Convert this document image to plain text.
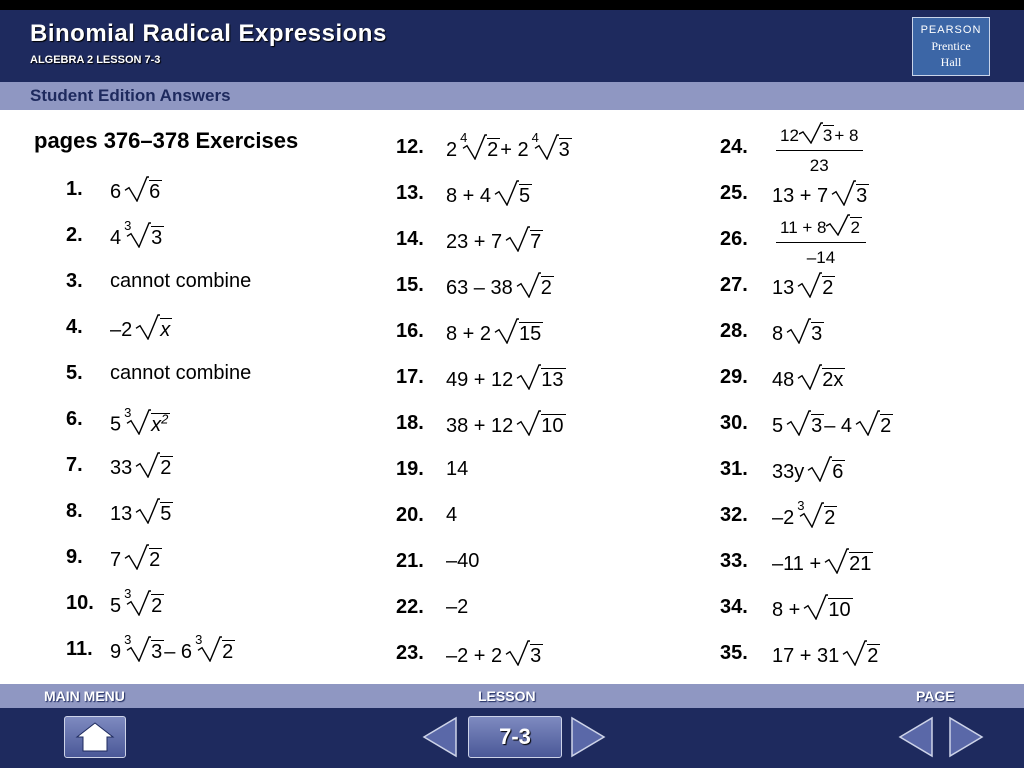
Binomial Radical Expressions
ALGEBRA 2 LESSON 7-3
PEARSON
Prentice
Hall
Student Edition Answers
pages 376–378 Exercises
1. 6 6
2. 4
3
3
3. cannot combine
4. –2 x
5. cannot combine
6. 5
3
$x^2$
7. 33 2
8. 13 5
9. 7 2
10. 5
3
2
11. 9
3
3 – 6
3
2
12. 2
4
2 + 2
4
3
13. 8 + 4 5
14. 23 + 7 7
15. 63 – 38 2
16. 8 + 2 15
17. 49 + 12 13
18. 38 + 12 10
19. 14
20. 4
21. –40
22. –2
23. –2 + 2 3
24. $\frac{12 3 + 8}{23}$
25. 13 + 7 3
26. $\frac{11 + 8 2}{-14}$
27. 13 2
28. 8 3
29. 48 2x
30. 5 3 – 4 2
31. 33y 6
32. –2
3
2
33. –11 + 21
34. 8 + 10
35. 17 + 31 2
MAIN MENU	LESSON	PAGE
7-3
